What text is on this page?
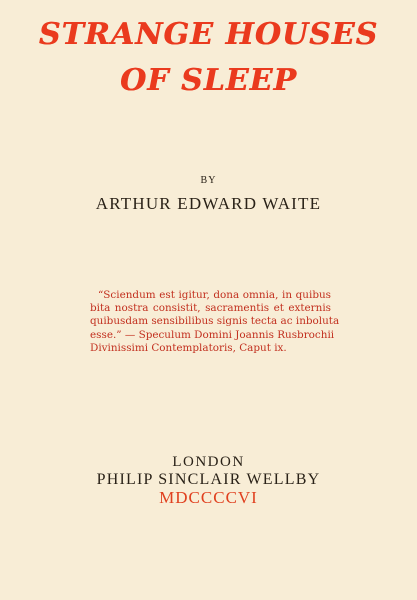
STRANGE HOUSES
OF SLEEP
BY
ARTHUR EDWARD WAITE
“Sciendum est igitur, dona omnia, in quibus
bita nostra consistit, sacramentis et externis
quibusdam sensibilibus signis tecta ac inboluta
esse.” — Speculum Domini Joannis Rusbrochii
Divinissimi Contemplatoris, Caput ix.
LONDON
PHILIP SINCLAIR WELLBY
MDCCCCVI
